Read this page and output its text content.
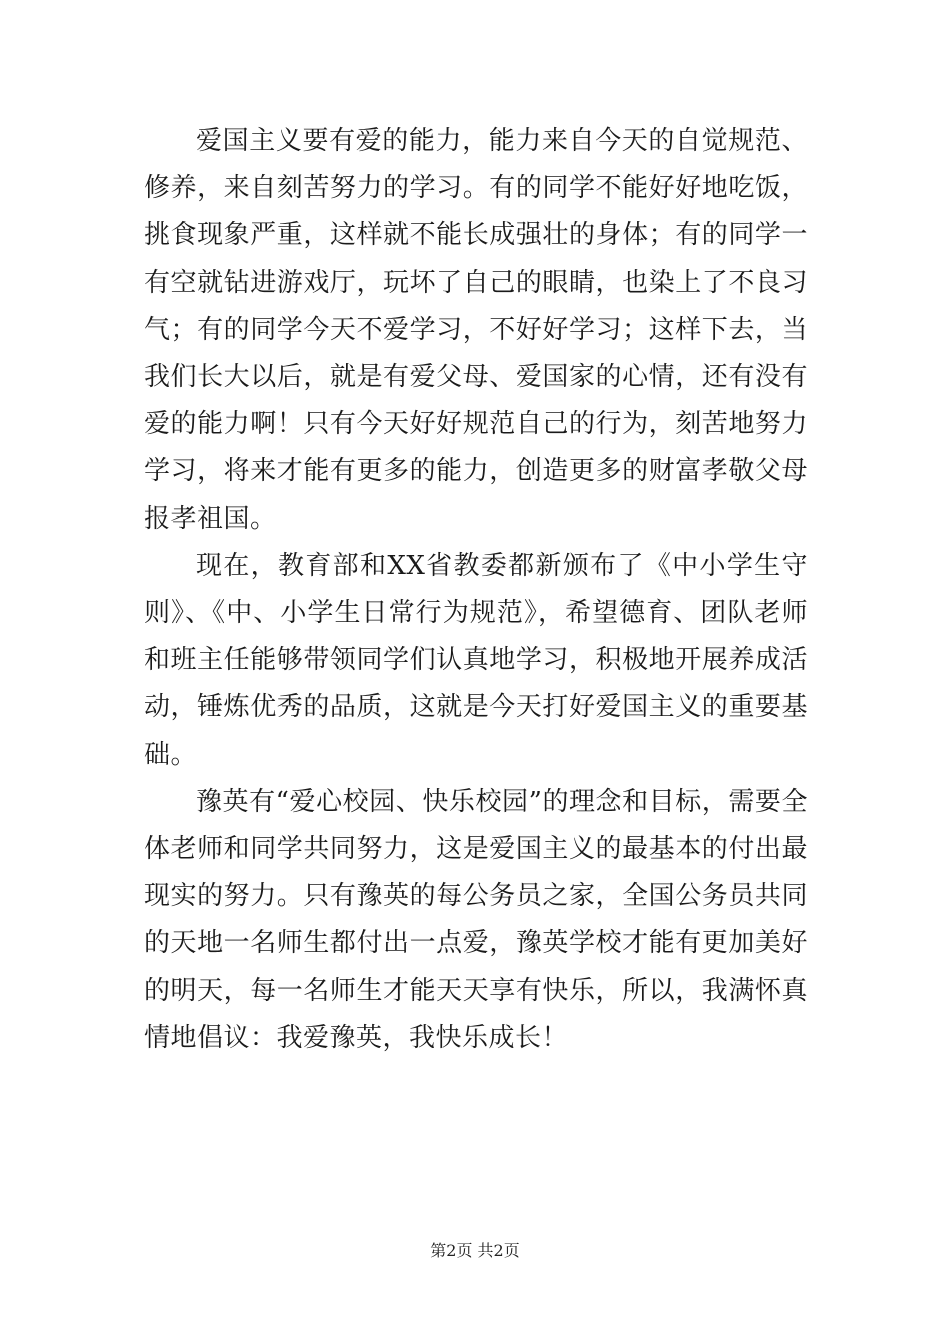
爱国主义要有爱的能力，能力来自今天的自觉规范、修养，来自刻苦努力的学习。有的同学不能好好地吃饭，挑食现象严重，这样就不能长成强壮的身体；有的同学一有空就钻进游戏厅，玩坏了自己的眼睛，也染上了不良习气；有的同学今天不爱学习，不好好学习；这样下去，当我们长大以后，就是有爱父母、爱国家的心情，还有没有爱的能力啊！只有今天好好规范自己的行为，刻苦地努力学习，将来才能有更多的能力，创造更多的财富孝敬父母报孝祖国。

现在，教育部和XX省教委都新颁布了《中小学生守则》、《中、小学生日常行为规范》，希望德育、团队老师和班主任能够带领同学们认真地学习，积极地开展养成活动，锤炼优秀的品质，这就是今天打好爱国主义的重要基础。

豫英有“爱心校园、快乐校园”的理念和目标，需要全体老师和同学共同努力，这是爱国主义的最基本的付出最现实的努力。只有豫英的每公务员之家，全国公务员共同的天地一名师生都付出一点爱，豫英学校才能有更加美好的明天，每一名师生才能天天享有快乐，所以，我满怀真情地倡议：我爱豫英，我快乐成长！

第2页 共2页
